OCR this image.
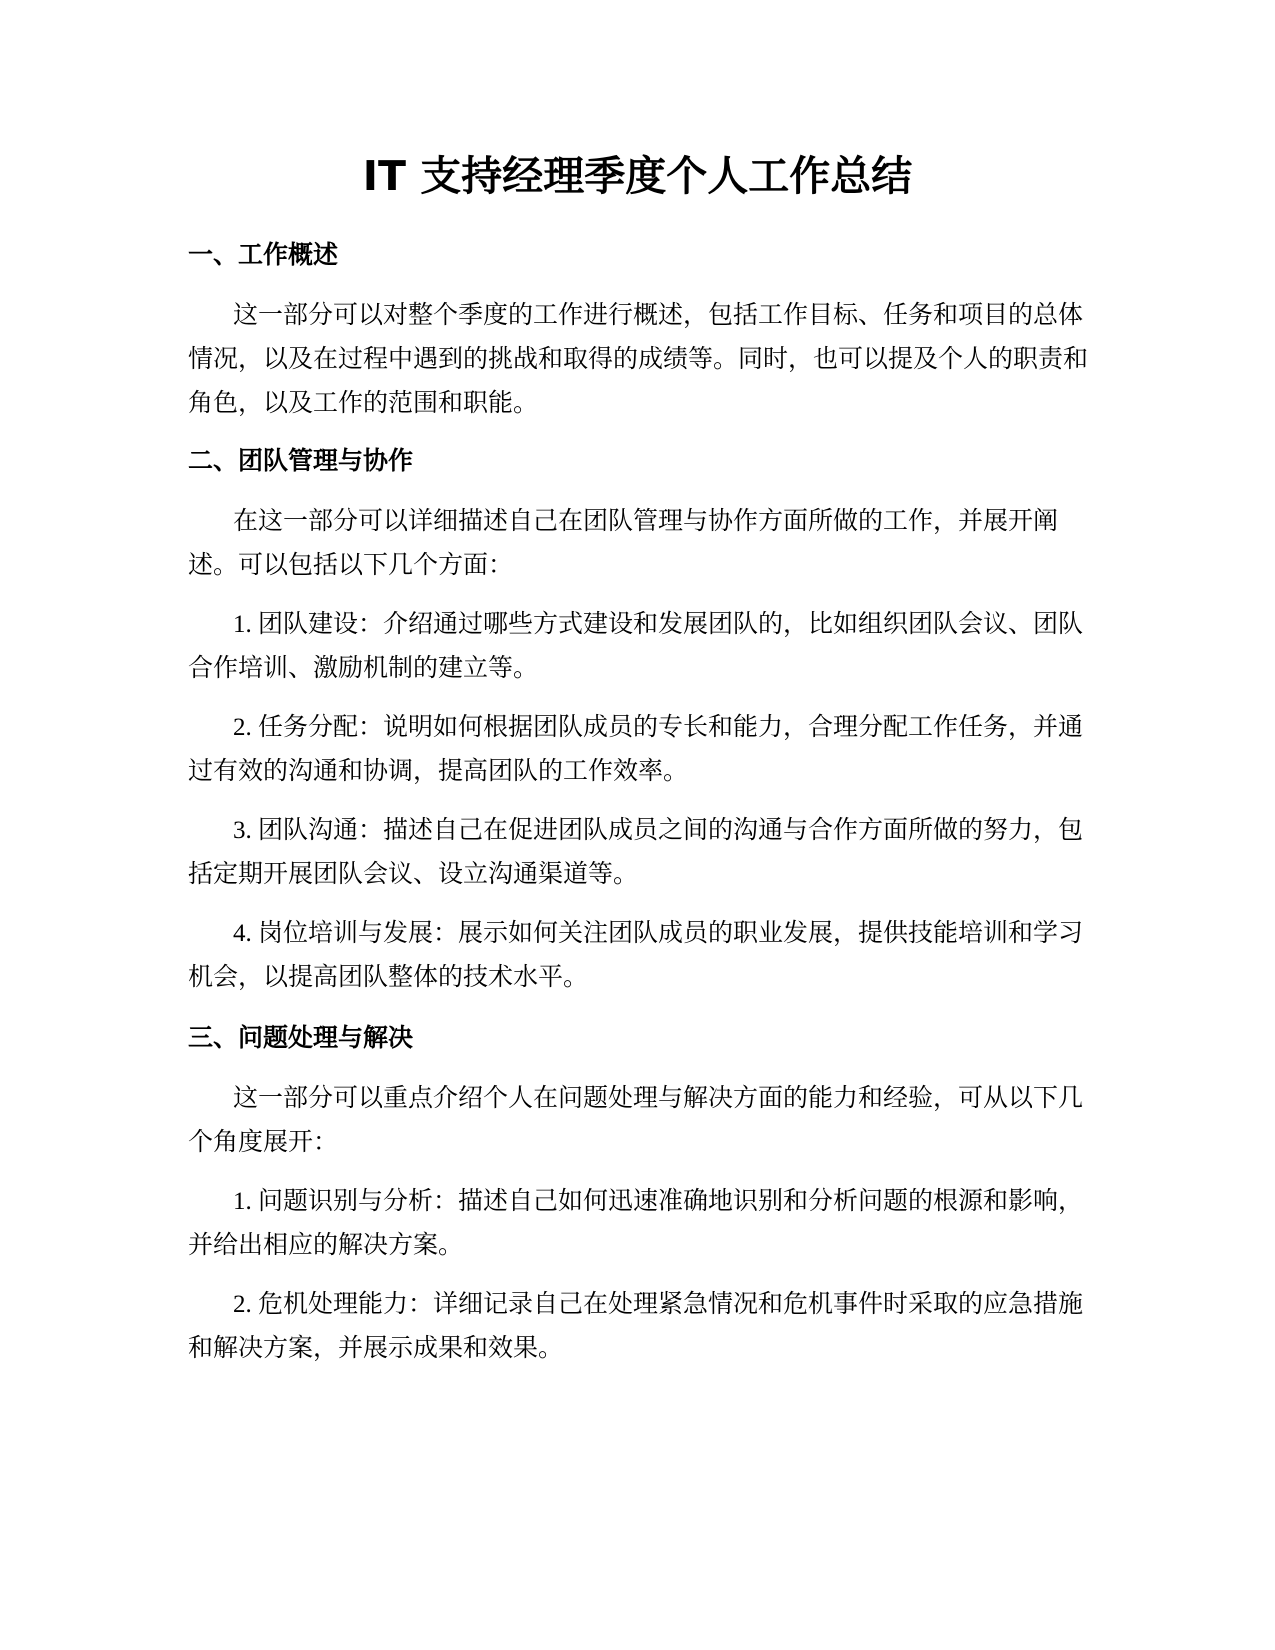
IT 支持经理季度个人工作总结
一、工作概述

这一部分可以对整个季度的工作进行概述，包括工作目标、任务和项目的总体情况，以及在过程中遇到的挑战和取得的成绩等。同时，也可以提及个人的职责和角色，以及工作的范围和职能。

二、团队管理与协作

在这一部分可以详细描述自己在团队管理与协作方面所做的工作，并展开阐述。可以包括以下几个方面：

1. 团队建设：介绍通过哪些方式建设和发展团队的，比如组织团队会议、团队合作培训、激励机制的建立等。

2. 任务分配：说明如何根据团队成员的专长和能力，合理分配工作任务，并通过有效的沟通和协调，提高团队的工作效率。

3. 团队沟通：描述自己在促进团队成员之间的沟通与合作方面所做的努力，包括定期开展团队会议、设立沟通渠道等。

4. 岗位培训与发展：展示如何关注团队成员的职业发展，提供技能培训和学习机会，以提高团队整体的技术水平。

三、问题处理与解决

这一部分可以重点介绍个人在问题处理与解决方面的能力和经验，可从以下几个角度展开：

1. 问题识别与分析：描述自己如何迅速准确地识别和分析问题的根源和影响，并给出相应的解决方案。

2. 危机处理能力：详细记录自己在处理紧急情况和危机事件时采取的应急措施和解决方案，并展示成果和效果。
